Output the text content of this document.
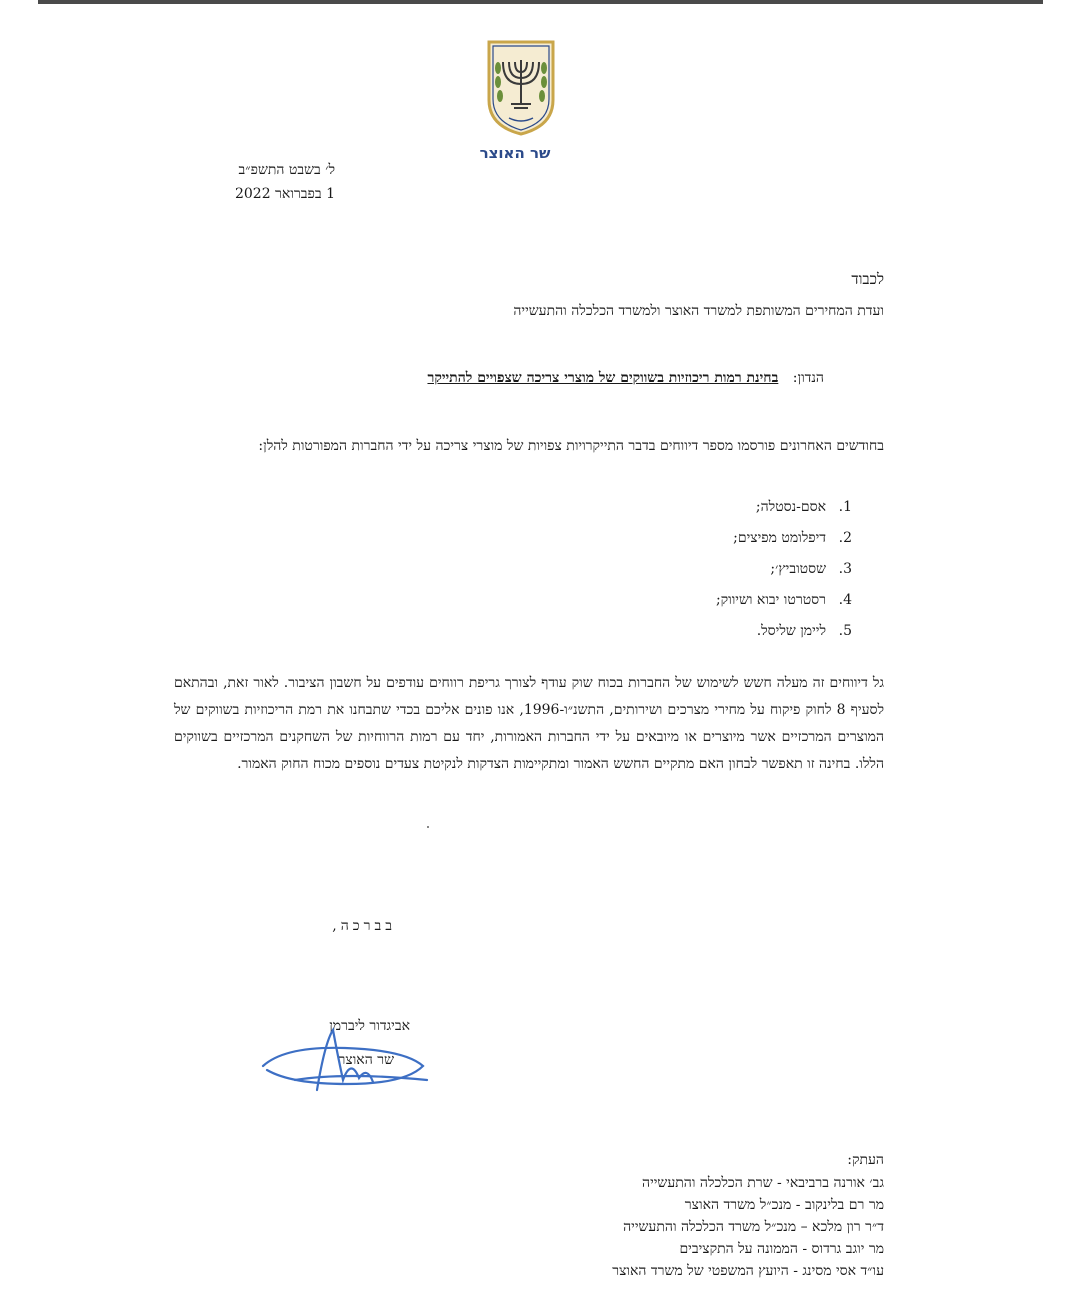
שר האוצר
ל׳ בשבט התשפ״ב
1 בפברואר 2022
לכבוד
ועדת המחירים המשותפת למשרד האוצר ולמשרד הכלכלה והתעשייה
הנדון: בחינת רמות ריכוזיות בשווקים של מוצרי צריכה שצפויים להתייקר
בחודשים האחרונים פורסמו מספר דיווחים בדבר התייקרויות צפויות של מוצרי צריכה על ידי החברות המפורטות להלן:
1.אסם-נסטלה;
2.דיפלומט מפיצים;
3.שסטוביץ׳;
4.רסטרטו יבוא ושיווק;
5.ליימן שליסל.
גל דיווחים זה מעלה חשש לשימוש של החברות בכוח שוק עודף לצורך גריפת רווחים עודפים על חשבון הציבור. לאור זאת, ובהתאם לסעיף 8 לחוק פיקוח על מחירי מצרכים ושירותים, התשנ״ו-1996, אנו פונים אליכם בכדי שתבחנו את רמת הריכוזיות בשווקים של המוצרים המרכזיים אשר מיוצרים או מיובאים על ידי החברות האמורות, יחד עם רמות הרווחיות של השחקנים המרכזיים בשווקים הללו. בחינה זו תאפשר לבחון האם מתקיים החשש האמור ומתקיימות הצדקות לנקיטת צעדים נוספים מכוח החוק האמור.
בברכה,
אביגדור ליברמן
שר האוצר
העתק:
גב׳ אורנה ברביבאי - שרת הכלכלה והתעשייה
מר רם בלינקוב - מנכ״ל משרד האוצר
ד״ר רון מלכא – מנכ״ל משרד הכלכלה והתעשייה
מר יוגב גרדוס - הממונה על התקציבים
עו״ד אסי מסינג - היועץ המשפטי של משרד האוצר
